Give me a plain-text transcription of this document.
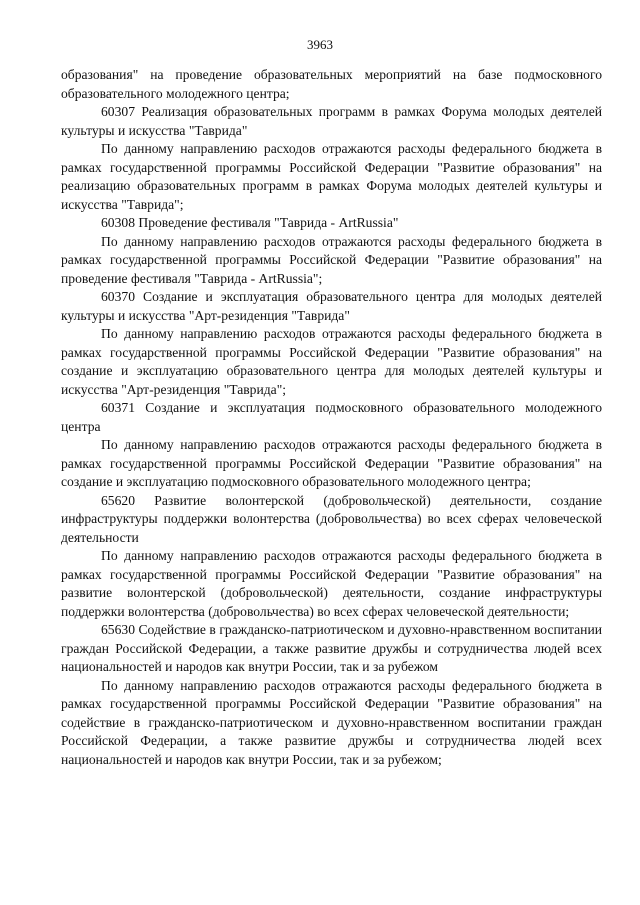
3963

образования" на проведение образовательных мероприятий на базе подмосковного образовательного молодежного центра;

60307 Реализация образовательных программ в рамках Форума молодых деятелей культуры и искусства "Таврида"

По данному направлению расходов отражаются расходы федерального бюджета в рамках государственной программы Российской Федерации "Развитие образования" на реализацию образовательных программ в рамках Форума молодых деятелей культуры и искусства "Таврида";

60308 Проведение фестиваля "Таврида - ArtRussia"

По данному направлению расходов отражаются расходы федерального бюджета в рамках государственной программы Российской Федерации "Развитие образования" на проведение фестиваля "Таврида - ArtRussia";

60370 Создание и эксплуатация образовательного центра для молодых деятелей культуры и искусства "Арт-резиденция "Таврида"

По данному направлению расходов отражаются расходы федерального бюджета в рамках государственной программы Российской Федерации "Развитие образования" на создание и эксплуатацию образовательного центра для молодых деятелей культуры и искусства "Арт-резиденция "Таврида";

60371 Создание и эксплуатация подмосковного образовательного молодежного центра

По данному направлению расходов отражаются расходы федерального бюджета в рамках государственной программы Российской Федерации "Развитие образования" на создание и эксплуатацию подмосковного образовательного молодежного центра;

65620 Развитие волонтерской (добровольческой) деятельности, создание инфраструктуры поддержки волонтерства (добровольчества) во всех сферах человеческой деятельности

По данному направлению расходов отражаются расходы федерального бюджета в рамках государственной программы Российской Федерации "Развитие образования" на развитие волонтерской (добровольческой) деятельности, создание инфраструктуры поддержки волонтерства (добровольчества) во всех сферах человеческой деятельности;

65630 Содействие в гражданско-патриотическом и духовно-нравственном воспитании граждан Российской Федерации, а также развитие дружбы и сотрудничества людей всех национальностей и народов как внутри России, так и за рубежом

По данному направлению расходов отражаются расходы федерального бюджета в рамках государственной программы Российской Федерации "Развитие образования" на содействие в гражданско-патриотическом и духовно-нравственном воспитании граждан Российской Федерации, а также развитие дружбы и сотрудничества людей всех национальностей и народов как внутри России, так и за рубежом;
